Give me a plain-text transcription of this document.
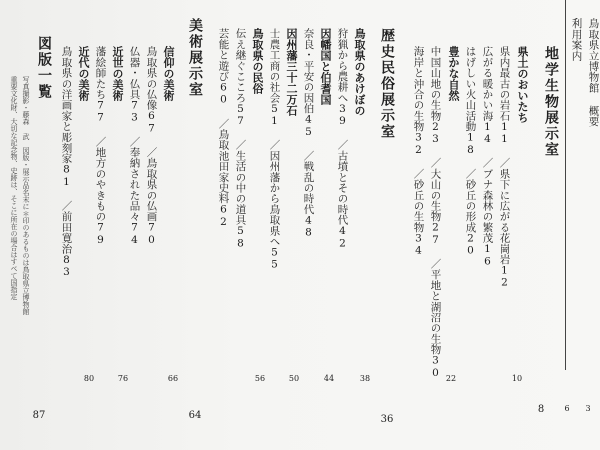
鳥取県立博物館 概要
利用案内
地学生物展示室
県土のおいたち
県内最古の岩石11 ／県下に広がる花崗岩12
広がる暖かい海14 ／ブナ森林の繁茂16
はげしい火山活動18 ／砂丘の形成20
豊かな自然
中国山地の生物23 ／大山の生物27 ／平地と湖沼の生物30
海岸と沖合の生物32 ／砂丘の生物34
歴史民俗展示室
鳥取県のあけぼの
狩猟から農耕へ39 ／古墳とその時代42
因幡国と伯耆国
奈良・平安の因伯45 ／戦乱の時代48
因州藩三十二万石
士農工商の社会51 ／因州藩から鳥取県へ55
鳥取県の民俗
伝え継ぐこころ57 ／生活の中の道具58
芸能と遊び60 ／鳥取池田家史料62
美術展示室
信仰の美術
鳥取県の仏像67 ／鳥取県の仏画70
仏器・仏具73 ／奉納された品々74
近世の美術
藩絵師たち77 ／地方のやきもの79
近代の美術
鳥取県の洋画家と彫刻家81 ／前田寛治83
図版一覧
写真撮影・藤森 武　図版・展示品名末に＊印のあるものは鳥取県立博物館
重要文化財、大切な記念物、史跡は、そこに所在の場合はすべて国指定
3
6
8
10
22
36
38
44
50
56
64
66
76
80
87
